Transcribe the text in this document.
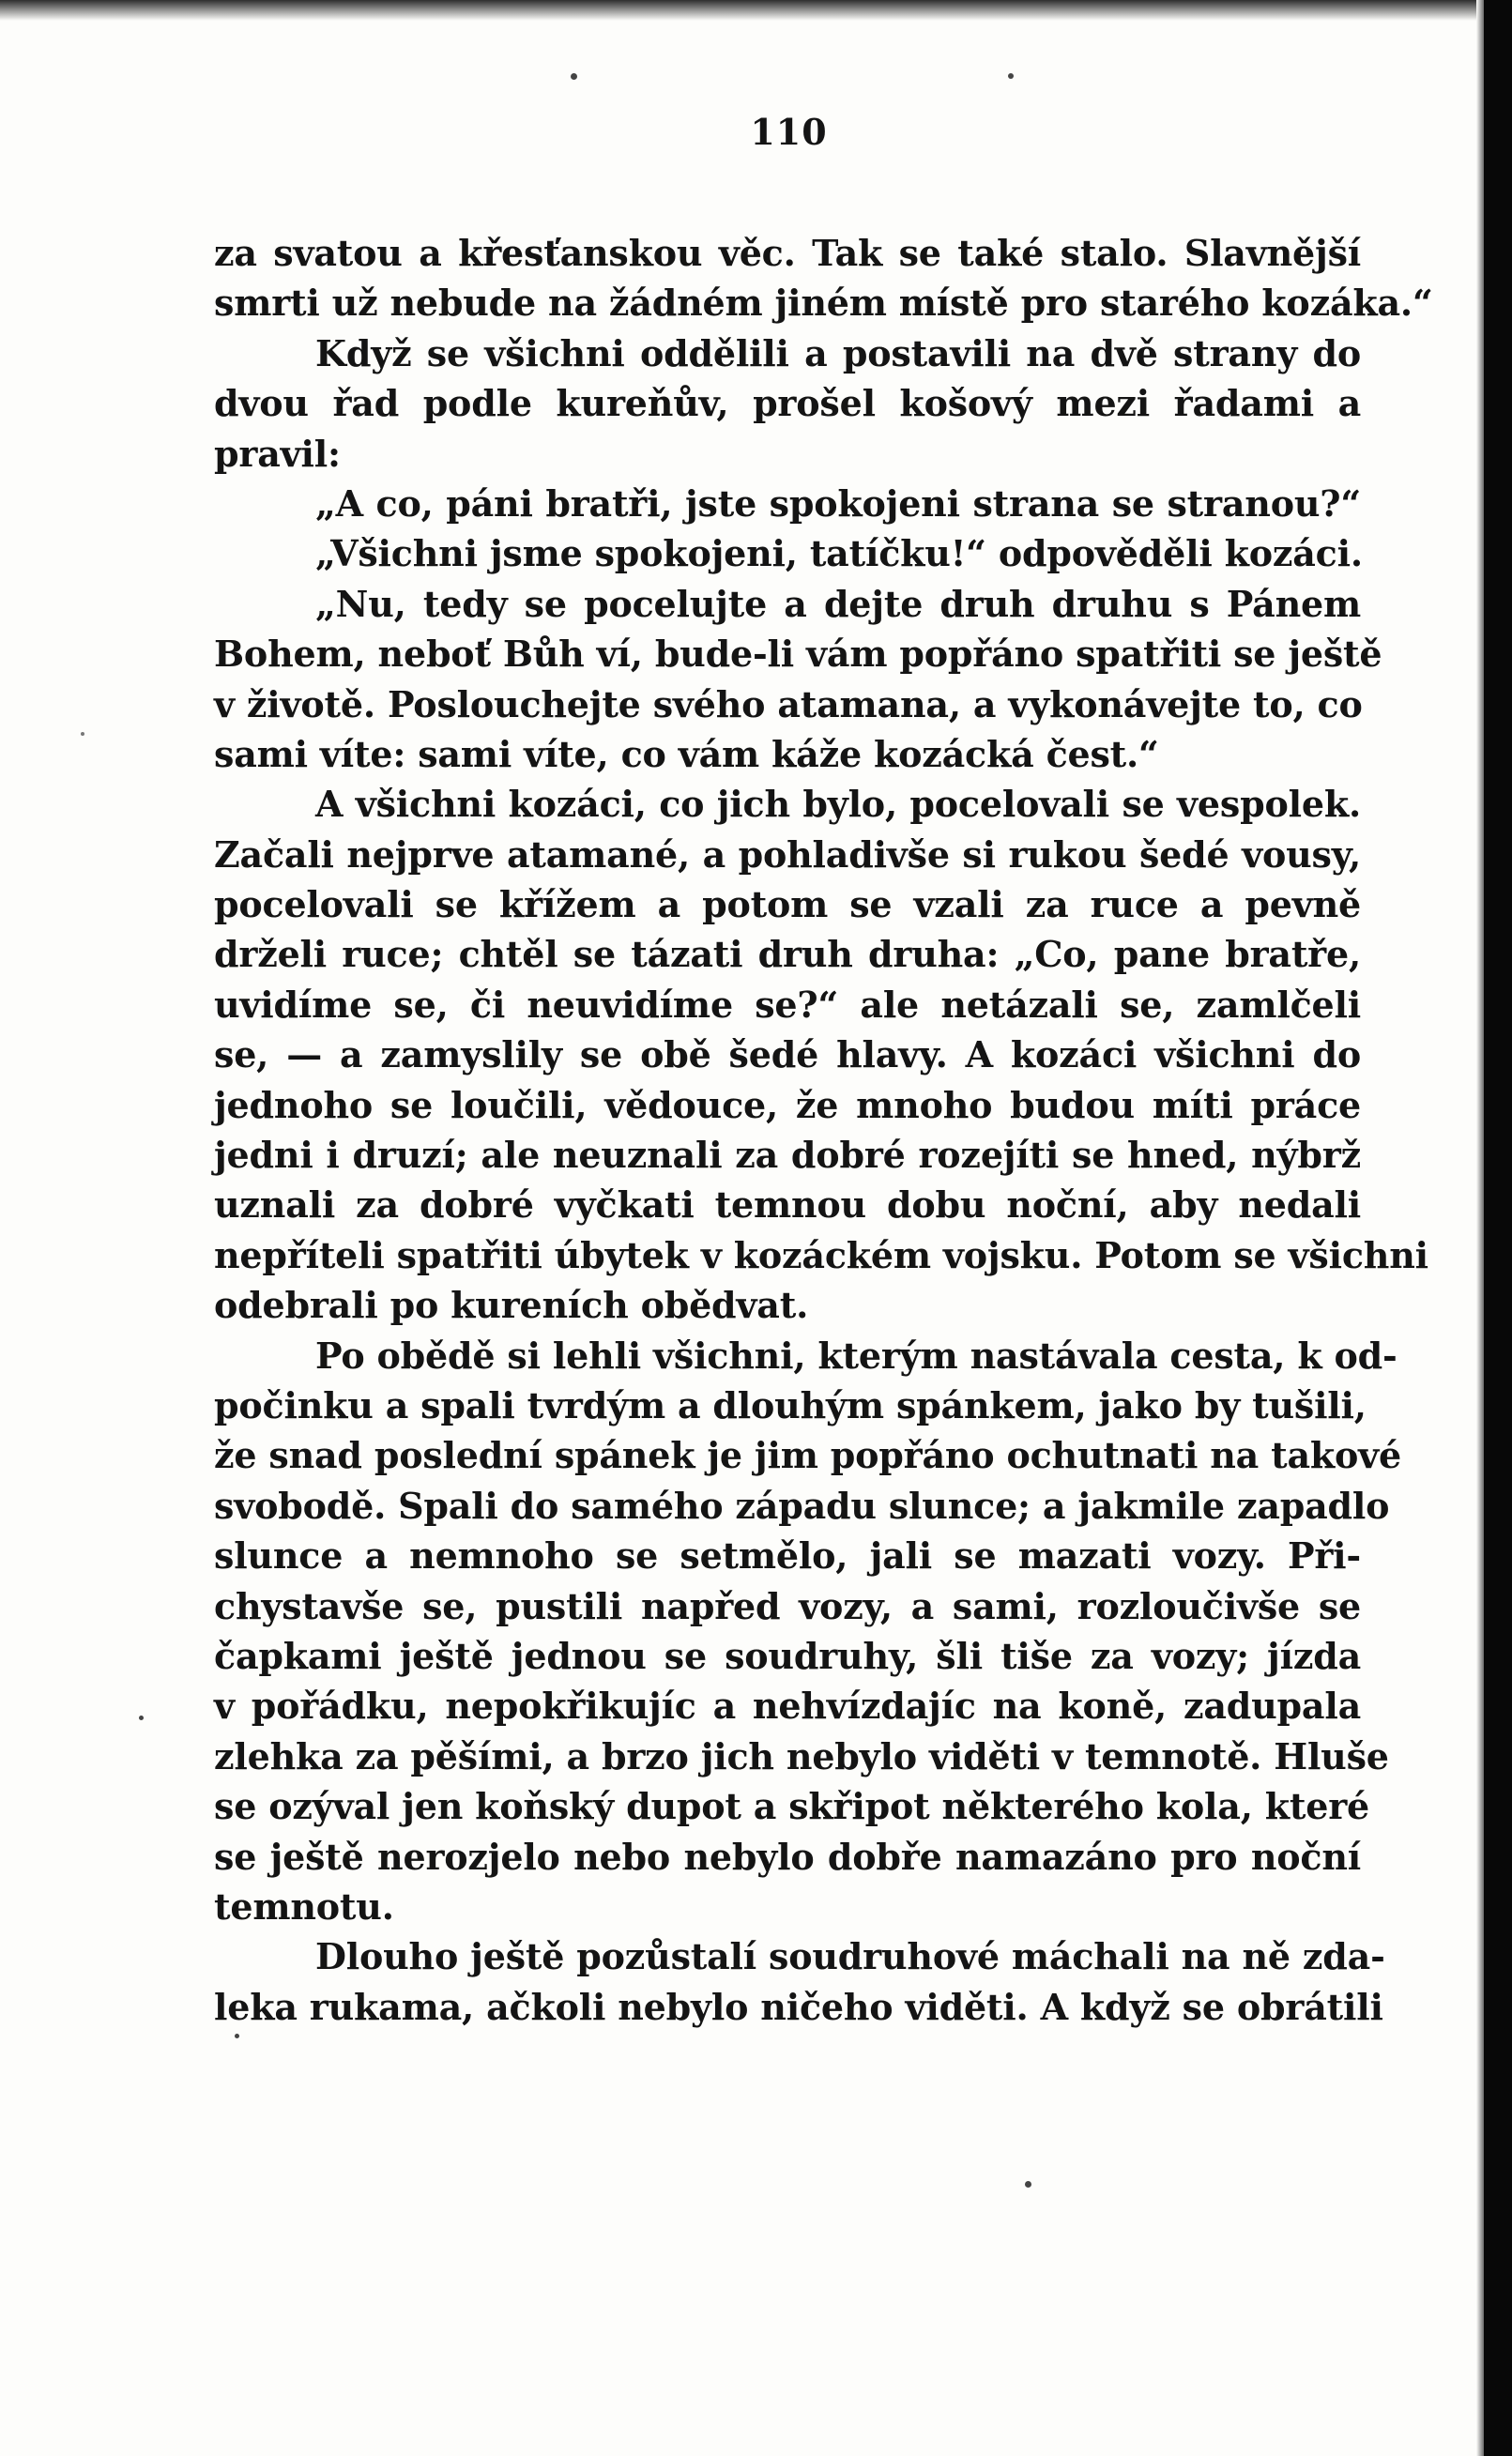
110
za svatou a křesťanskou věc. Tak se také stalo. Slavnější
smrti už nebude na žádném jiném místě pro starého kozáka.“
Když se všichni oddělili a postavili na dvě strany do
dvou řad podle kureňův, prošel košový mezi řadami a
pravil:
„A co, páni bratři, jste spokojeni strana se stranou?“
„Všichni jsme spokojeni, tatíčku!“ odpověděli kozáci.
„Nu, tedy se pocelujte a dejte druh druhu s Pánem
Bohem, neboť Bůh ví, bude-li vám popřáno spatřiti se ještě
v životě. Poslouchejte svého atamana, a vykonávejte to, co
sami víte: sami víte, co vám káže kozácká čest.“
A všichni kozáci, co jich bylo, pocelovali se vespolek.
Začali nejprve atamané, a pohladivše si rukou šedé vousy,
pocelovali se křížem a potom se vzali za ruce a pevně
drželi ruce; chtěl se tázati druh druha: „Co, pane bratře,
uvidíme se, či neuvidíme se?“ ale netázali se, zamlčeli
se, — a zamyslily se obě šedé hlavy. A kozáci všichni do
jednoho se loučili, vědouce, že mnoho budou míti práce
jedni i druzí; ale neuznali za dobré rozejíti se hned, nýbrž
uznali za dobré vyčkati temnou dobu noční, aby nedali
nepříteli spatřiti úbytek v kozáckém vojsku. Potom se všichni
odebrali po kureních obědvat.
Po obědě si lehli všichni, kterým nastávala cesta, k od-
počinku a spali tvrdým a dlouhým spánkem, jako by tušili,
že snad poslední spánek je jim popřáno ochutnati na takové
svobodě. Spali do samého západu slunce; a jakmile zapadlo
slunce a nemnoho se setmělo, jali se mazati vozy. Při-
chystavše se, pustili napřed vozy, a sami, rozloučivše se
čapkami ještě jednou se soudruhy, šli tiše za vozy; jízda
v pořádku, nepokřikujíc a nehvízdajíc na koně, zadupala
zlehka za pěšími, a brzo jich nebylo viděti v temnotě. Hluše
se ozýval jen koňský dupot a skřipot některého kola, které
se ještě nerozjelo nebo nebylo dobře namazáno pro noční
temnotu.
Dlouho ještě pozůstalí soudruhové máchali na ně zda-
leka rukama, ačkoli nebylo ničeho viděti. A když se obrátili
